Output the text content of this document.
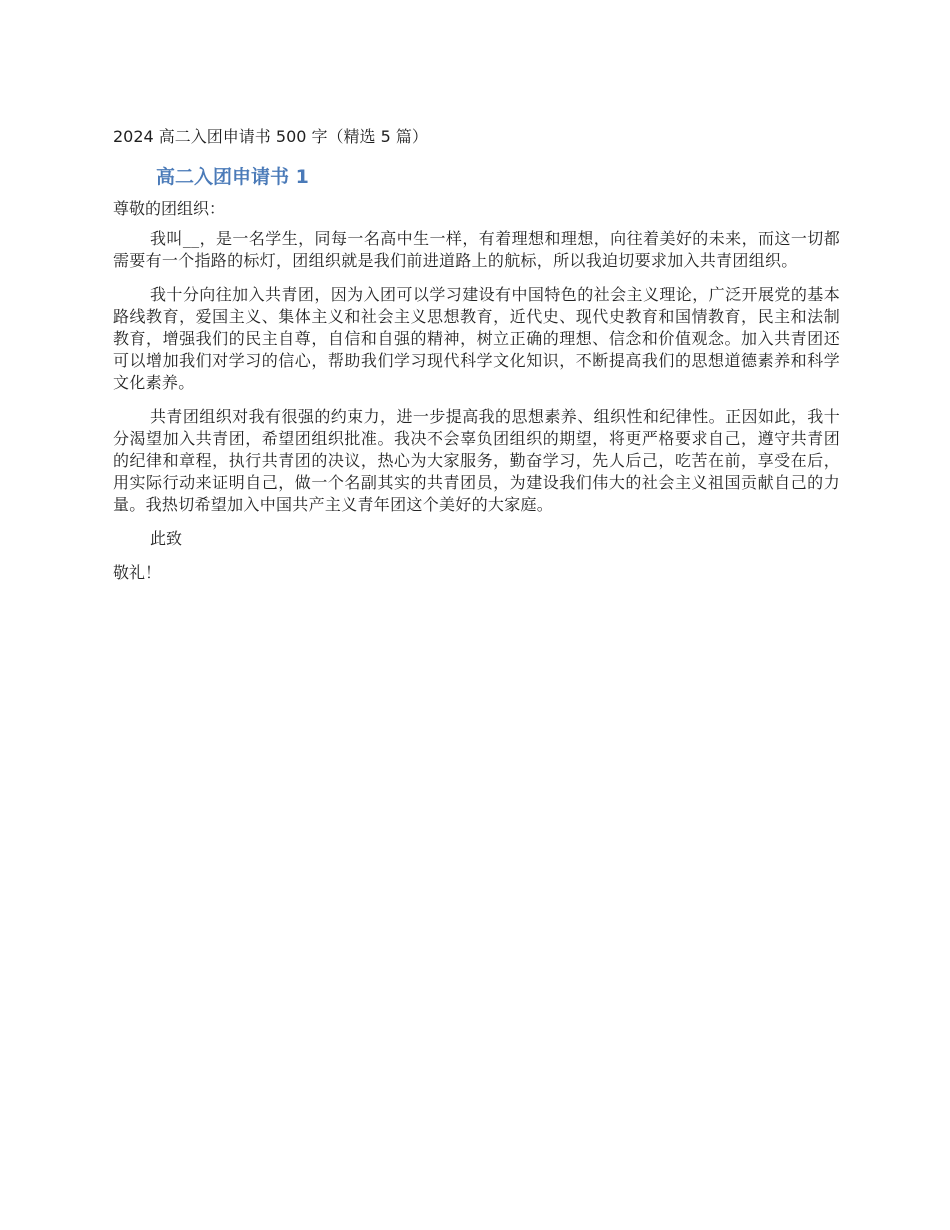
2024 高二入团申请书 500 字（精选 5 篇）
高二入团申请书 1

尊敬的团组织：

我叫__，是一名学生，同每一名高中生一样，有着理想和理想，向往着美好的未来，而这一切都需要有一个指路的标灯，团组织就是我们前进道路上的航标，所以我迫切要求加入共青团组织。

我十分向往加入共青团，因为入团可以学习建设有中国特色的社会主义理论，广泛开展党的基本路线教育，爱国主义、集体主义和社会主义思想教育，近代史、现代史教育和国情教育，民主和法制教育，增强我们的民主自尊，自信和自强的精神，树立正确的理想、信念和价值观念。加入共青团还可以增加我们对学习的信心，帮助我们学习现代科学文化知识，不断提高我们的思想道德素养和科学文化素养。

共青团组织对我有很强的约束力，进一步提高我的思想素养、组织性和纪律性。正因如此，我十分渴望加入共青团，希望团组织批准。我决不会辜负团组织的期望，将更严格要求自己，遵守共青团的纪律和章程，执行共青团的决议，热心为大家服务，勤奋学习，先人后己，吃苦在前，享受在后，用实际行动来证明自己，做一个名副其实的共青团员，为建设我们伟大的社会主义祖国贡献自己的力量。我热切希望加入中国共产主义青年团这个美好的大家庭。

此致

敬礼！
